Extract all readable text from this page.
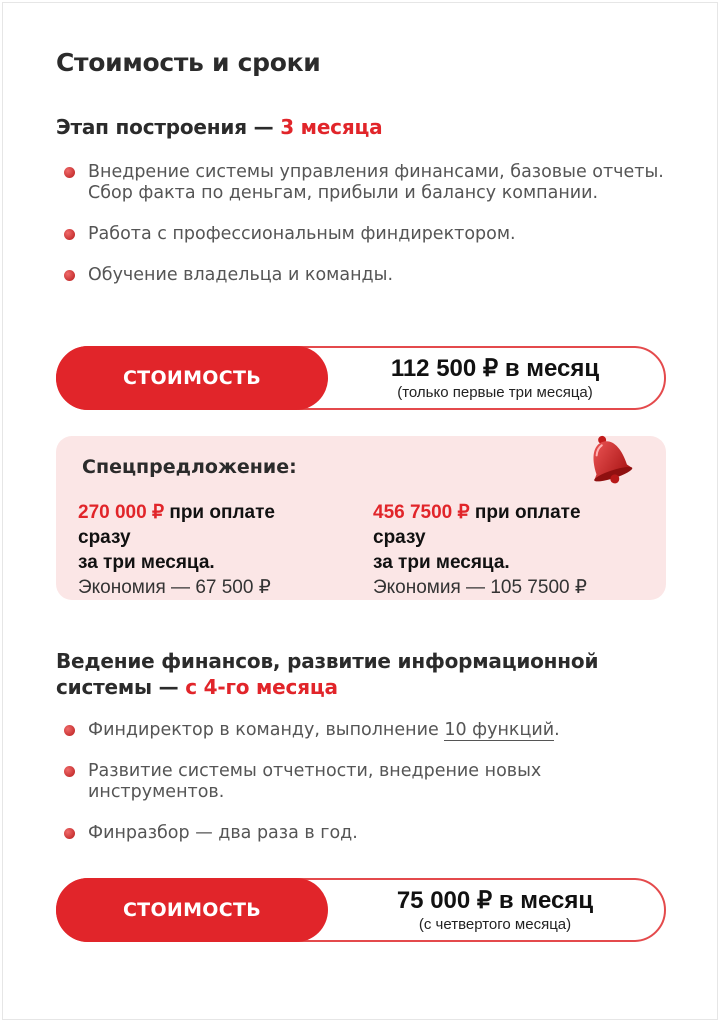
Стоимость и сроки
Этап построения — 3 месяца
Внедрение системы управления финансами, базовые отчеты. Сбор факта по деньгам, прибыли и балансу компании.
Работа с профессиональным финдиректором.
Обучение владельца и команды.
СТОИМОСТЬ	112 500 ₽ в месяц
(только первые три месяца)
Спецпредложение:
270 000 ₽ при оплате сразу
за три месяца.
Экономия — 67 500 ₽
456 7500 ₽ при оплате сразу
за три месяца.
Экономия — 105 7500 ₽
Ведение финансов, развитие информационной
системы — с 4-го месяца
Финдиректор в команду, выполнение 10 функций.
Развитие системы отчетности, внедрение новых инструментов.
Финразбор — два раза в год.
СТОИМОСТЬ	75 000 ₽ в месяц
(с четвертого месяца)
